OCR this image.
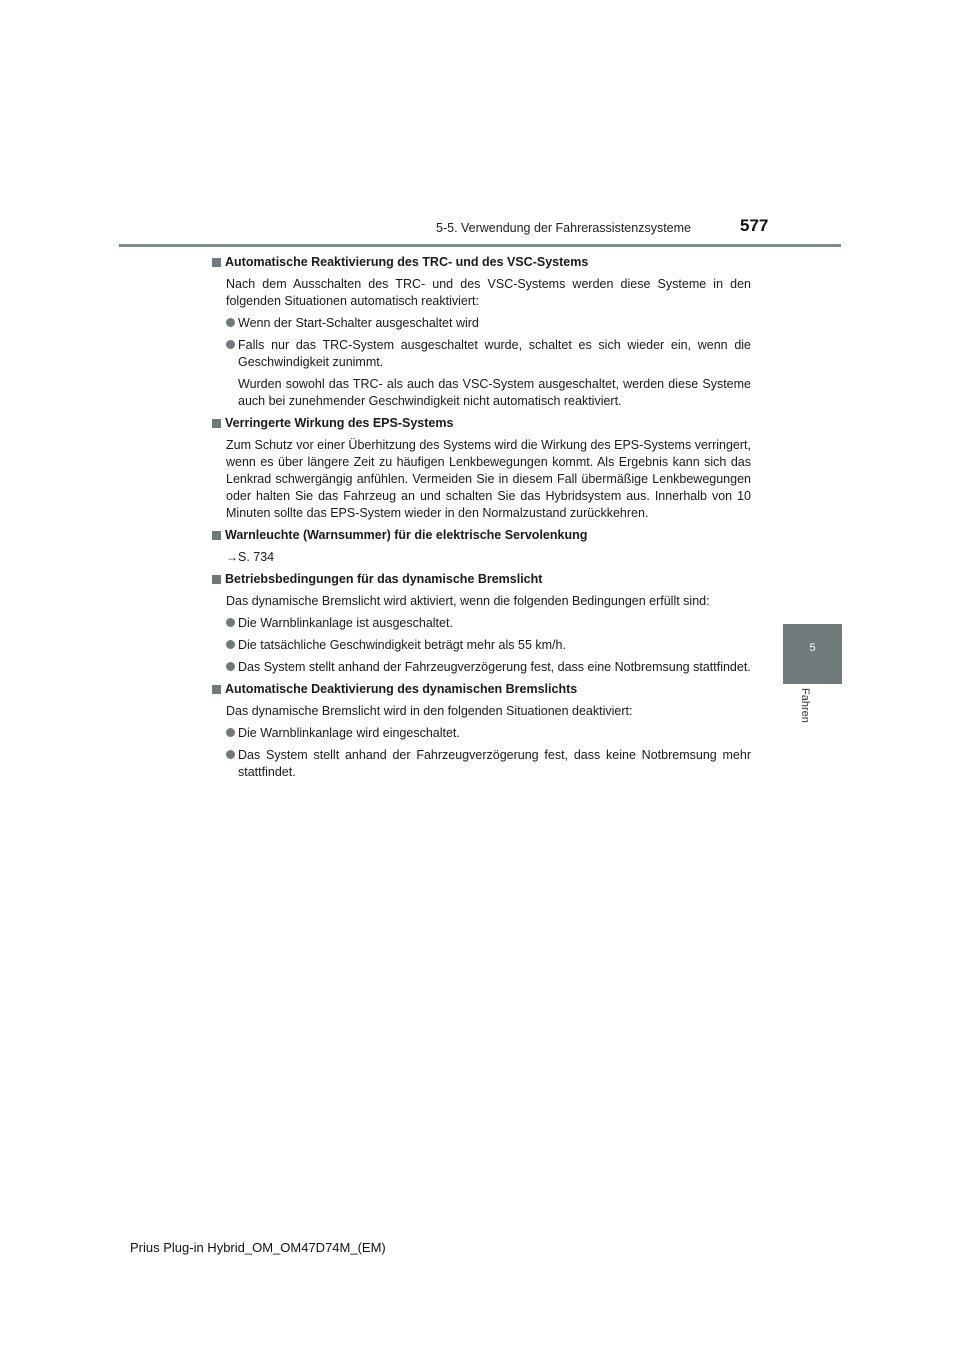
5-5. Verwendung der Fahrerassistenzsysteme	577
5
Fahren
Automatische Reaktivierung des TRC- und des VSC-Systems

Nach dem Ausschalten des TRC- und des VSC-Systems werden diese Systeme in den folgenden Situationen automatisch reaktiviert:

Wenn der Start-Schalter ausgeschaltet wird
Falls nur das TRC-System ausgeschaltet wurde, schaltet es sich wieder ein, wenn die Geschwindigkeit zunimmt.

Wurden sowohl das TRC- als auch das VSC-System ausgeschaltet, werden diese Systeme auch bei zunehmender Geschwindigkeit nicht automatisch reaktiviert.

Verringerte Wirkung des EPS-Systems

Zum Schutz vor einer Überhitzung des Systems wird die Wirkung des EPS-Systems verringert, wenn es über längere Zeit zu häufigen Lenkbewegungen kommt. Als Ergebnis kann sich das Lenkrad schwergängig anfühlen. Vermeiden Sie in diesem Fall übermäßige Lenkbewegungen oder halten Sie das Fahrzeug an und schalten Sie das Hybridsystem aus. Innerhalb von 10 Minuten sollte das EPS-System wieder in den Normalzustand zurückkehren.

Warnleuchte (Warnsummer) für die elektrische Servolenkung

→S. 734

Betriebsbedingungen für das dynamische Bremslicht

Das dynamische Bremslicht wird aktiviert, wenn die folgenden Bedingungen erfüllt sind:

Die Warnblinkanlage ist ausgeschaltet.
Die tatsächliche Geschwindigkeit beträgt mehr als 55 km/h.
Das System stellt anhand der Fahrzeugverzögerung fest, dass eine Notbremsung stattfindet.
Automatische Deaktivierung des dynamischen Bremslichts

Das dynamische Bremslicht wird in den folgenden Situationen deaktiviert:

Die Warnblinkanlage wird eingeschaltet.
Das System stellt anhand der Fahrzeugverzögerung fest, dass keine Notbremsung mehr stattfindet.
Prius Plug-in Hybrid_OM_OM47D74M_(EM)
